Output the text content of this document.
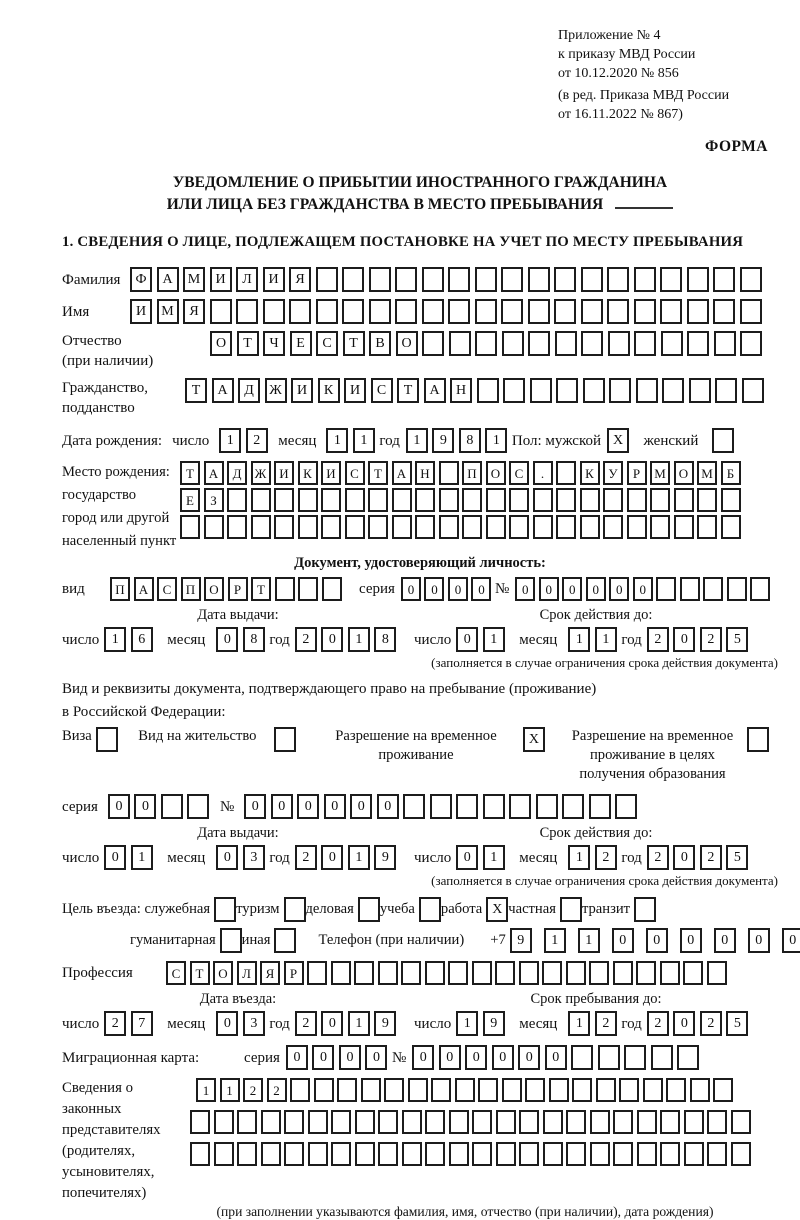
Приложение № 4
к приказу МВД России
от 10.12.2020 № 856
(в ред. Приказа МВД России
от 16.11.2022 № 867)
ФОРМА
УВЕДОМЛЕНИЕ О ПРИБЫТИИ ИНОСТРАННОГО ГРАЖДАНИНА
ИЛИ ЛИЦА БЕЗ ГРАЖДАНСТВА В МЕСТО ПРЕБЫВАНИЯ
1. СВЕДЕНИЯ О ЛИЦЕ, ПОДЛЕЖАЩЕМ ПОСТАНОВКЕ НА УЧЕТ ПО МЕСТУ ПРЕБЫВАНИЯ
Фамилия	Ф	А	М	И	Л	И	Я
Имя	И	М	Я
Отчество
(при наличии)
О	Т	Ч	Е	С	Т	В	О
Гражданство,
подданство
Т	А	Д	Ж	И	К	И	С	Т	А	Н
Дата рождения: число	1	2	месяц	1	1 год 1	9	8	1 Пол: мужской X	женский
Место рождения:
государство
город или другой
населенный пункт
Т	А	Д	Ж И	К	И	С	Т	А	Н	П	О	С	.	К	У	Р	М	О	М	Б

Е	З

Документ, удостоверяющий личность:
вид	П	А	С	П	О	Р	Т	серия 0	0	0	0 № 0	0	0	0	0	0
Дата выдачи:
число 1	6	месяц	0	8 год 2	0	1	8
Срок действия до:
число 0	1	месяц	1	1 год 2	0	2	5
(заполняется в случае ограничения срока действия документа)
Вид и реквизиты документа, подтверждающего право на пребывание (проживание)
в Российской Федерации:
Виза	Вид на жительство	Разрешение на временное проживание
X	Разрешение на временное проживание в целях получения образования
серия	0	0	№	0	0	0	0	0	0
Дата выдачи:
число 0	1	месяц	0	3 год 2	0	1	9
Срок действия до:
число 0	1	месяц	1	2 год 2	0	2	5
(заполняется в случае ограничения срока действия документа)
Цель въезда: служебная туризм деловая учеба работа X частная транзит
гуманитарная иная	Телефон (при наличии) +7 9	1	1	0	0	0	0	0	0
Профессия	С	Т	О	Л	Я	Р
Дата въезда:
число 2	7	месяц	0	3 год 2	0	1	9
Срок пребывания до:
число 1	9	месяц	1	2 год 2	0	2	5
Миграционная карта:	серия 0	0	0	0 № 0	0	0	0	0	0
Сведения о
законных
представителях
(родителях,
усыновителях,
попечителях)
1	1	2	2

(при заполнении указываются фамилия, имя, отчество (при наличии), дата рождения)
